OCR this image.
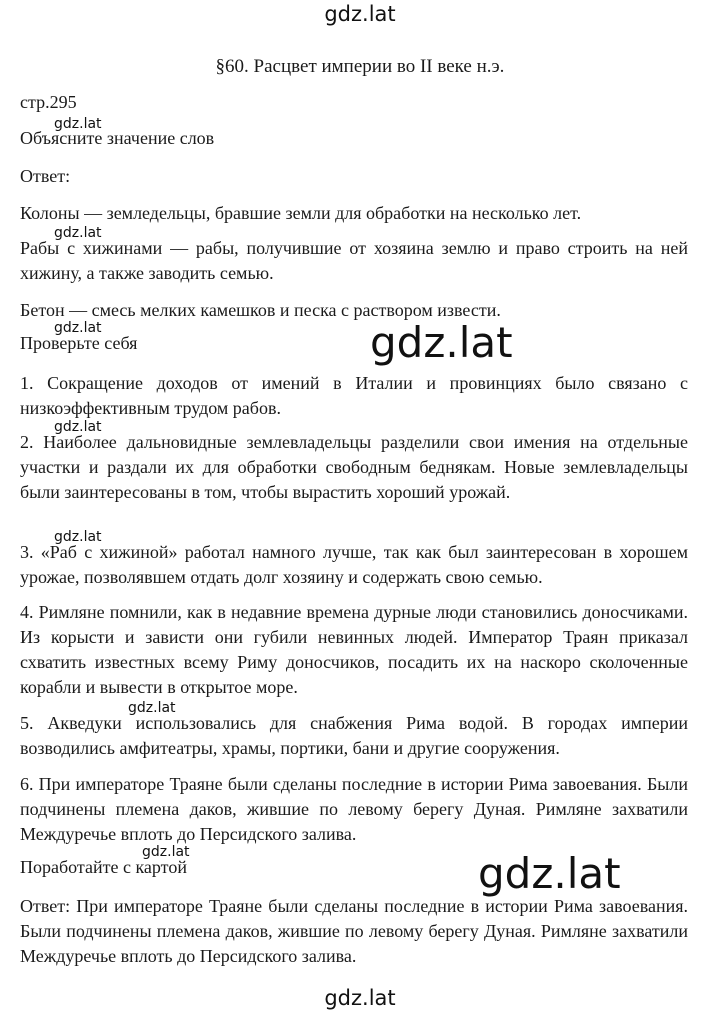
gdz.lat
§60. Расцвет империи во II веке н.э.
стр.295
gdz.lat
Объясните значение слов
Ответ:
Колоны — земледельцы, бравшие земли для обработки на несколько лет.
gdz.lat
Рабы с хижинами — рабы, получившие от хозяина землю и право строить на ней хижину, а также заводить семью.
Бетон — смесь мелких камешков и песка с раствором извести.
gdz.lat
Проверьте себя	gdz.lat
1. Сокращение доходов от имений в Италии и провинциях было связано с низкоэффективным трудом рабов.
gdz.lat
2. Наиболее дальновидные землевладельцы разделили свои имения на отдельные участки и раздали их для обработки свободным беднякам. Новые землевладельцы были заинтересованы в том, чтобы вырастить хороший урожай.
gdz.lat
3. «Раб с хижиной» работал намного лучше, так как был заинтересован в хорошем урожае, позволявшем отдать долг хозяину и содержать свою семью.
4. Римляне помнили, как в недавние времена дурные люди становились доносчиками. Из корысти и зависти они губили невинных людей. Император Траян приказал схватить известных всему Риму доносчиков, посадить их на наскоро сколоченные корабли и вывести в открытое море.
gdz.lat
5. Акведуки использовались для снабжения Рима водой. В городах империи возводились амфитеатры, храмы, портики, бани и другие сооружения.
6. При императоре Траяне были сделаны последние в истории Рима завоевания. Были подчинены племена даков, жившие по левому берегу Дуная. Римляне захватили Междуречье вплоть до Персидского залива.
gdz.lat
Поработайте с картой	gdz.lat
Ответ: При императоре Траяне были сделаны последние в истории Рима завоевания. Были подчинены племена даков, жившие по левому берегу Дуная. Римляне захватили Междуречье вплоть до Персидского залива.
gdz.lat
